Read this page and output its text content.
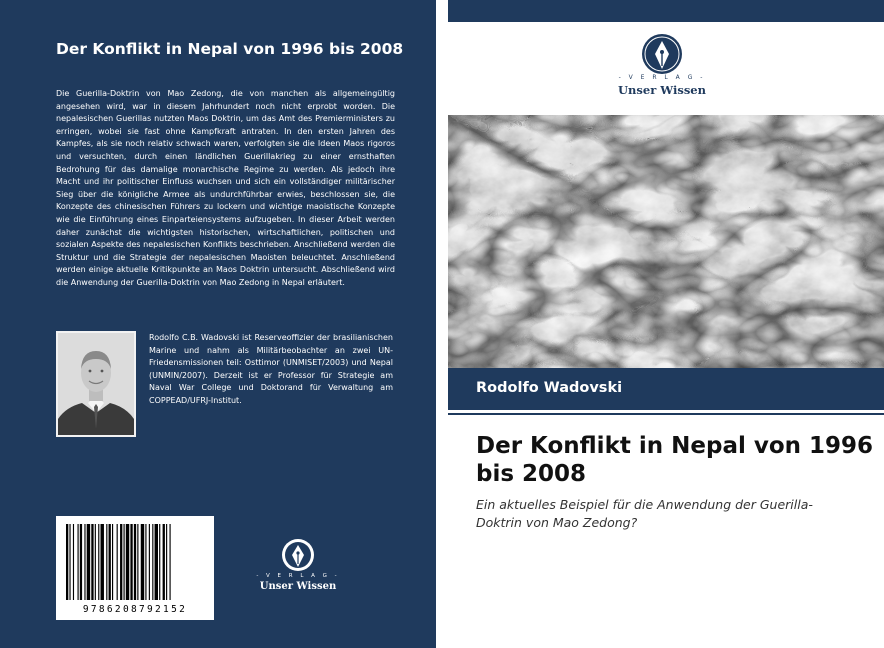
Der Konflikt in Nepal von 1996 bis 2008

Die Guerilla-Doktrin von Mao Zedong, die von manchen als allgemeingültig angesehen wird, war in diesem Jahrhundert noch nicht erprobt worden. Die nepalesischen Guerillas nutzten Maos Doktrin, um das Amt des Premierministers zu erringen, wobei sie fast ohne Kampfkraft antraten. In den ersten Jahren des Kampfes, als sie noch relativ schwach waren, verfolgten sie die Ideen Maos rigoros und versuchten, durch einen ländlichen Guerillakrieg zu einer ernsthaften Bedrohung für das damalige monarchische Regime zu werden. Als jedoch ihre Macht und ihr politischer Einfluss wuchsen und sich ein vollständiger militärischer Sieg über die königliche Armee als undurchführbar erwies, beschlossen sie, die Konzepte des chinesischen Führers zu lockern und wichtige maoistische Konzepte wie die Einführung eines Einparteiensystems aufzugeben. In dieser Arbeit werden daher zunächst die wichtigsten historischen, wirtschaftlichen, politischen und sozialen Aspekte des nepalesischen Konflikts beschrieben. Anschließend werden die Struktur und die Strategie der nepalesischen Maoisten beleuchtet. Anschließend werden einige aktuelle Kritikpunkte an Maos Doktrin untersucht. Abschließend wird die Anwendung der Guerilla-Doktrin von Mao Zedong in Nepal erläutert.

Rodolfo C.B. Wadovski ist Reserveoffizier der brasilianischen Marine und nahm als Militärbeobachter an zwei UN-Friedensmissionen teil: Osttimor (UNMISET/2003) und Nepal (UNMIN/2007). Derzeit ist er Professor für Strategie am Naval War College und Doktorand für Verwaltung am COPPEAD/UFRJ-Institut.

9786208792152
- V E R L A G -
Unser Wissen
- V E R L A G -
Unser Wissen
Rodolfo Wadovski
Der Konflikt in Nepal von 1996 bis 2008
Ein aktuelles Beispiel für die Anwendung der Guerilla-Doktrin von Mao Zedong?
